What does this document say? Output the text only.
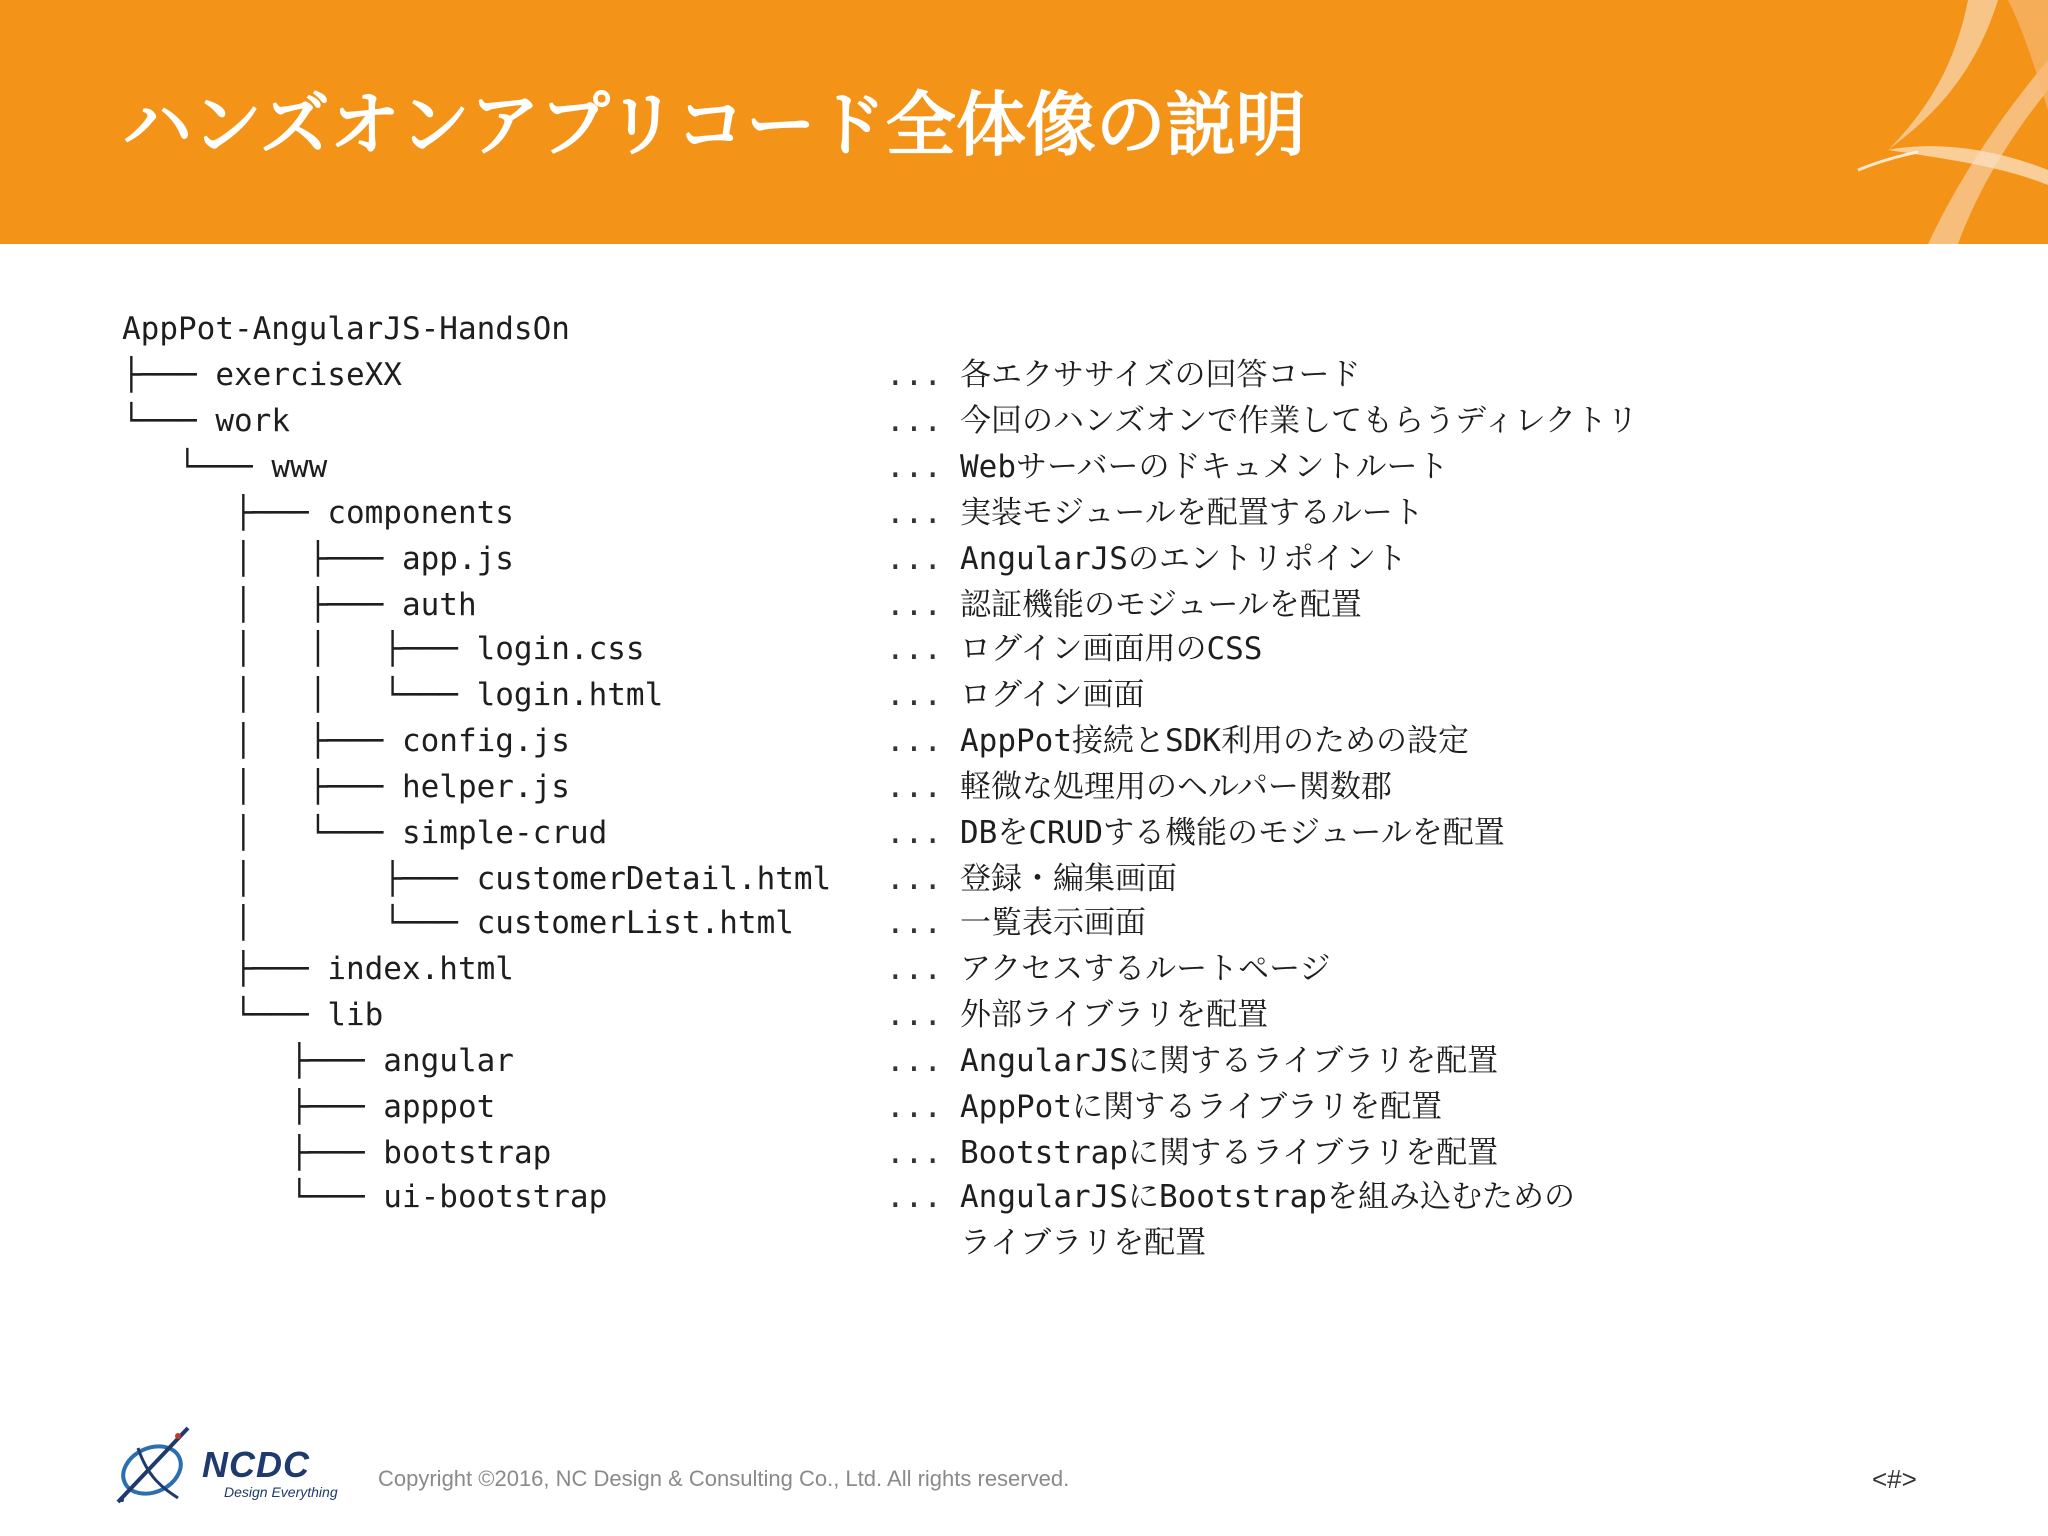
ハンズオンアプリコード全体像の説明
AppPot-AngularJS-HandsOn
├─── exerciseXX
└─── work
└─── www
├─── components
│   ├─── app.js
│   ├─── auth
│   │   ├─── login.css
│   │   └─── login.html
│   ├─── config.js
│   ├─── helper.js
│   └─── simple-crud
│       ├─── customerDetail.html
│       └─── customerList.html
├─── index.html
└─── lib
├─── angular
├─── apppot
├─── bootstrap
└─── ui-bootstrap
... 各エクササイズの回答コード
... 今回のハンズオンで作業してもらうディレクトリ
... Webサーバーのドキュメントルート
... 実装モジュールを配置するルート
... AngularJSのエントリポイント
... 認証機能のモジュールを配置
... ログイン画面用のCSS
... ログイン画面
... AppPot接続とSDK利用のための設定
... 軽微な処理用のヘルパー関数郡
... DBをCRUDする機能のモジュールを配置
... 登録・編集画面
... 一覧表示画面
... アクセスするルートページ
... 外部ライブラリを配置
... AngularJSに関するライブラリを配置
... AppPotに関するライブラリを配置
... Bootstrapに関するライブラリを配置
... AngularJSにBootstrapを組み込むための
ライブラリを配置
NCDC
Design Everything
Copyright ©2016, NC Design & Consulting Co., Ltd. All rights reserved.	<#>
